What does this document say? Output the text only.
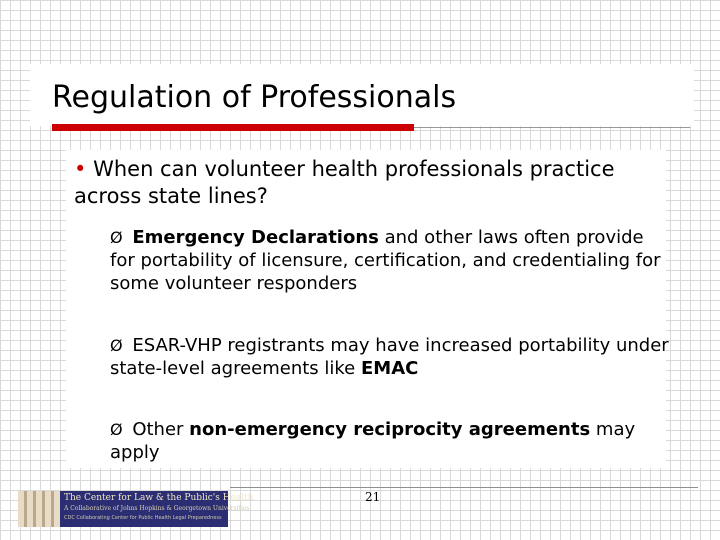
Regulation of Professionals
• When can volunteer health professionals practice across state lines?
Ø Emergency Declarations and other laws often provide for portability of licensure, certification, and credentialing for some volunteer responders
Ø ESAR-VHP registrants may have increased portability under state-level agreements like EMAC
Ø Other non-emergency reciprocity agreements may apply
The Center for Law & the Public's Health
A Collaborative of Johns Hopkins & Georgetown Universities
CDC Collaborating Center for Public Health Legal Preparedness
21
